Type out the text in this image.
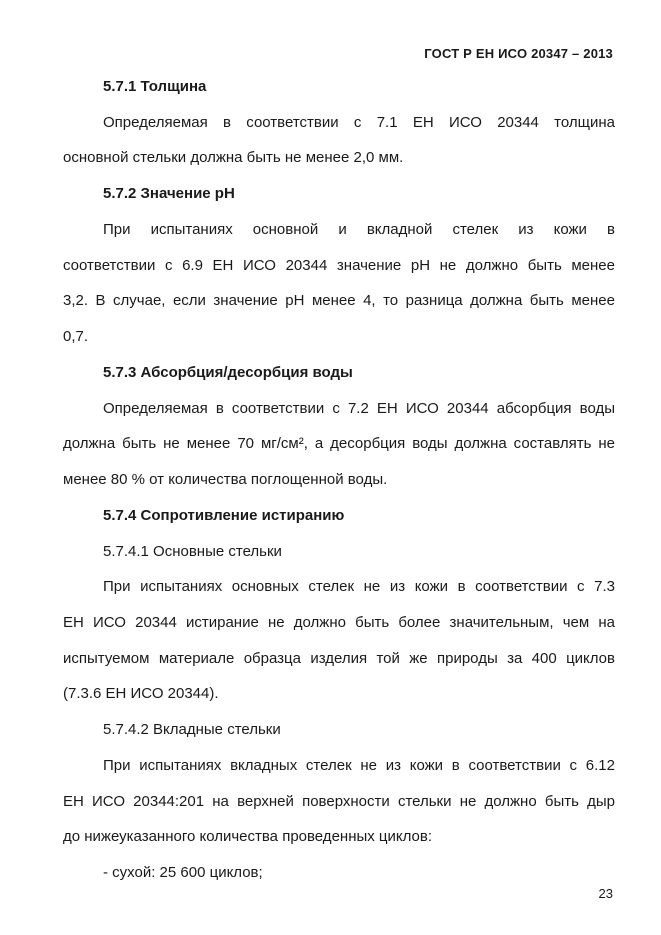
ГОСТ Р ЕН ИСО 20347 – 2013
5.7.1 Толщина
Определяемая в соответствии с 7.1 ЕН ИСО 20344 толщина
основной стельки должна быть не менее 2,0 мм.
5.7.2 Значение pH
При испытаниях основной и вкладной стелек из кожи в
соответствии с 6.9 ЕН ИСО 20344 значение pH не должно быть менее
3,2. В случае, если значение pH менее 4, то разница должна быть менее
0,7.
5.7.3 Абсорбция/десорбция воды
Определяемая в соответствии с 7.2 ЕН ИСО 20344 абсорбция воды
должна быть не менее 70 мг/см², а десорбция воды должна составлять не
менее 80 % от количества поглощенной воды.
5.7.4 Сопротивление истиранию
5.7.4.1 Основные стельки
При испытаниях основных стелек не из кожи в соответствии с 7.3
ЕН ИСО 20344 истирание не должно быть более значительным, чем на
испытуемом материале образца изделия той же природы за 400 циклов
(7.3.6 ЕН ИСО 20344).
5.7.4.2 Вкладные стельки
При испытаниях вкладных стелек не из кожи в соответствии с 6.12
ЕН ИСО 20344:201 на верхней поверхности стельки не должно быть дыр
до нижеуказанного количества проведенных циклов:
- сухой: 25 600 циклов;
23
